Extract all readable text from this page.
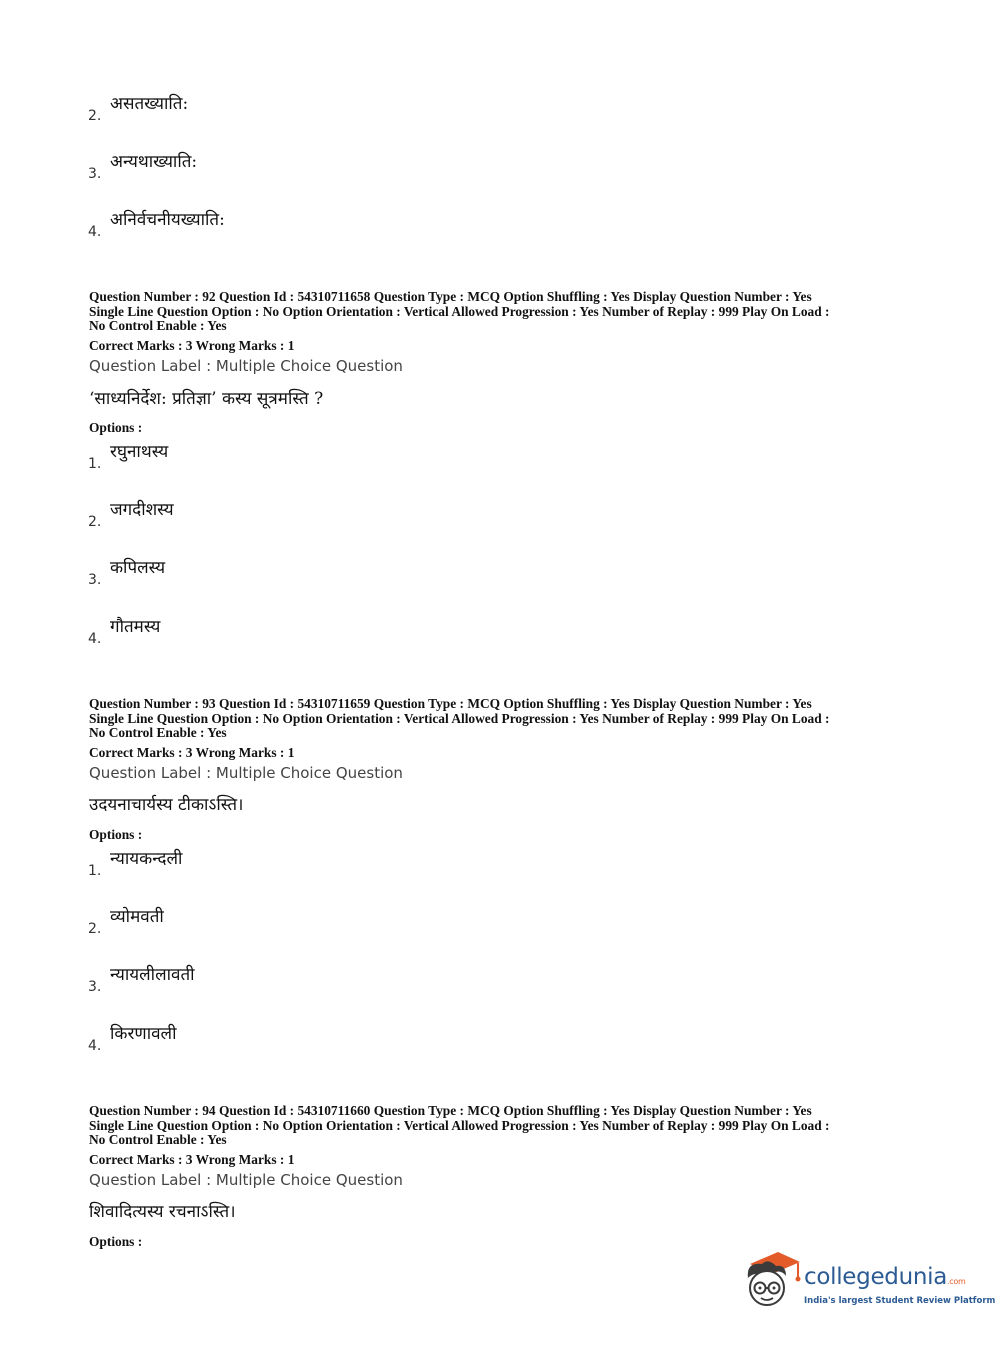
2.
असतख्याति:
3.
अन्यथाख्याति:
4.
अनिर्वचनीयख्याति:
Question Number : 92 Question Id : 54310711658 Question Type : MCQ Option Shuffling : Yes Display Question Number : Yes
Single Line Question Option : No Option Orientation : Vertical Allowed Progression : Yes Number of Replay : 999 Play On Load :
No Control Enable : Yes
Correct Marks : 3 Wrong Marks : 1
Question Label : Multiple Choice Question
‘साध्यनिर्देश: प्रतिज्ञा’ कस्य सूत्रमस्ति ?
Options :
1.
रघुनाथस्य
2.
जगदीशस्य
3.
कपिलस्य
4.
गौतमस्य
Question Number : 93 Question Id : 54310711659 Question Type : MCQ Option Shuffling : Yes Display Question Number : Yes
Single Line Question Option : No Option Orientation : Vertical Allowed Progression : Yes Number of Replay : 999 Play On Load :
No Control Enable : Yes
Correct Marks : 3 Wrong Marks : 1
Question Label : Multiple Choice Question
उदयनाचार्यस्य टीकाऽस्ति।
Options :
1.
न्यायकन्दली
2.
व्योमवती
3.
न्यायलीलावती
4.
किरणावली
Question Number : 94 Question Id : 54310711660 Question Type : MCQ Option Shuffling : Yes Display Question Number : Yes
Single Line Question Option : No Option Orientation : Vertical Allowed Progression : Yes Number of Replay : 999 Play On Load :
No Control Enable : Yes
Correct Marks : 3 Wrong Marks : 1
Question Label : Multiple Choice Question
शिवादित्यस्य रचनाऽस्ति।
Options :
collegedunia.com
India's largest Student Review Platform
